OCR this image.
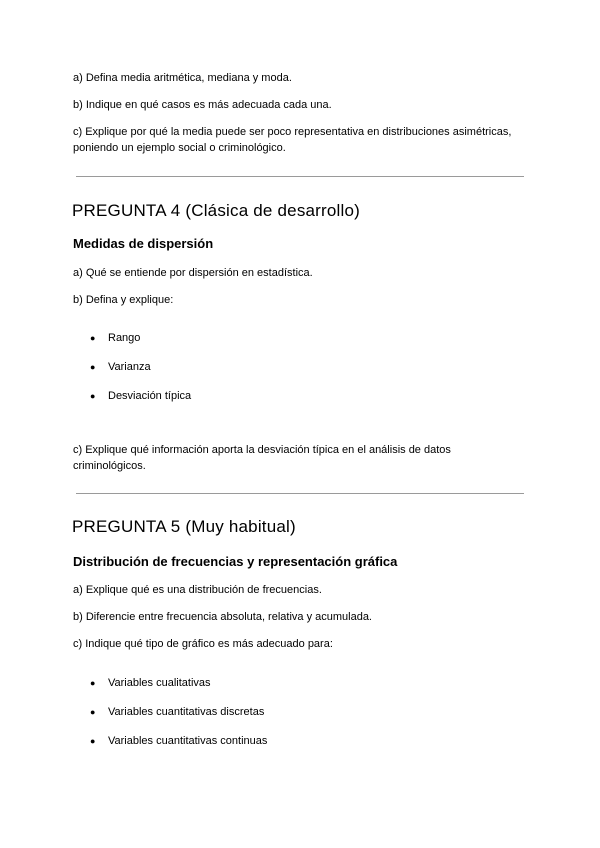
a) Defina media aritmética, mediana y moda.

b) Indique en qué casos es más adecuada cada una.

c) Explique por qué la media puede ser poco representativa en distribuciones asimétricas, poniendo un ejemplo social o criminológico.

PREGUNTA 4 (Clásica de desarrollo)
Medidas de dispersión

a) Qué se entiende por dispersión en estadística.

b) Defina y explique:

● Rango
● Varianza
● Desviación típica

c) Explique qué información aporta la desviación típica en el análisis de datos criminológicos.

PREGUNTA 5 (Muy habitual)
Distribución de frecuencias y representación gráfica

a) Explique qué es una distribución de frecuencias.

b) Diferencie entre frecuencia absoluta, relativa y acumulada.

c) Indique qué tipo de gráfico es más adecuado para:

● Variables cualitativas
● Variables cuantitativas discretas
● Variables cuantitativas continuas
